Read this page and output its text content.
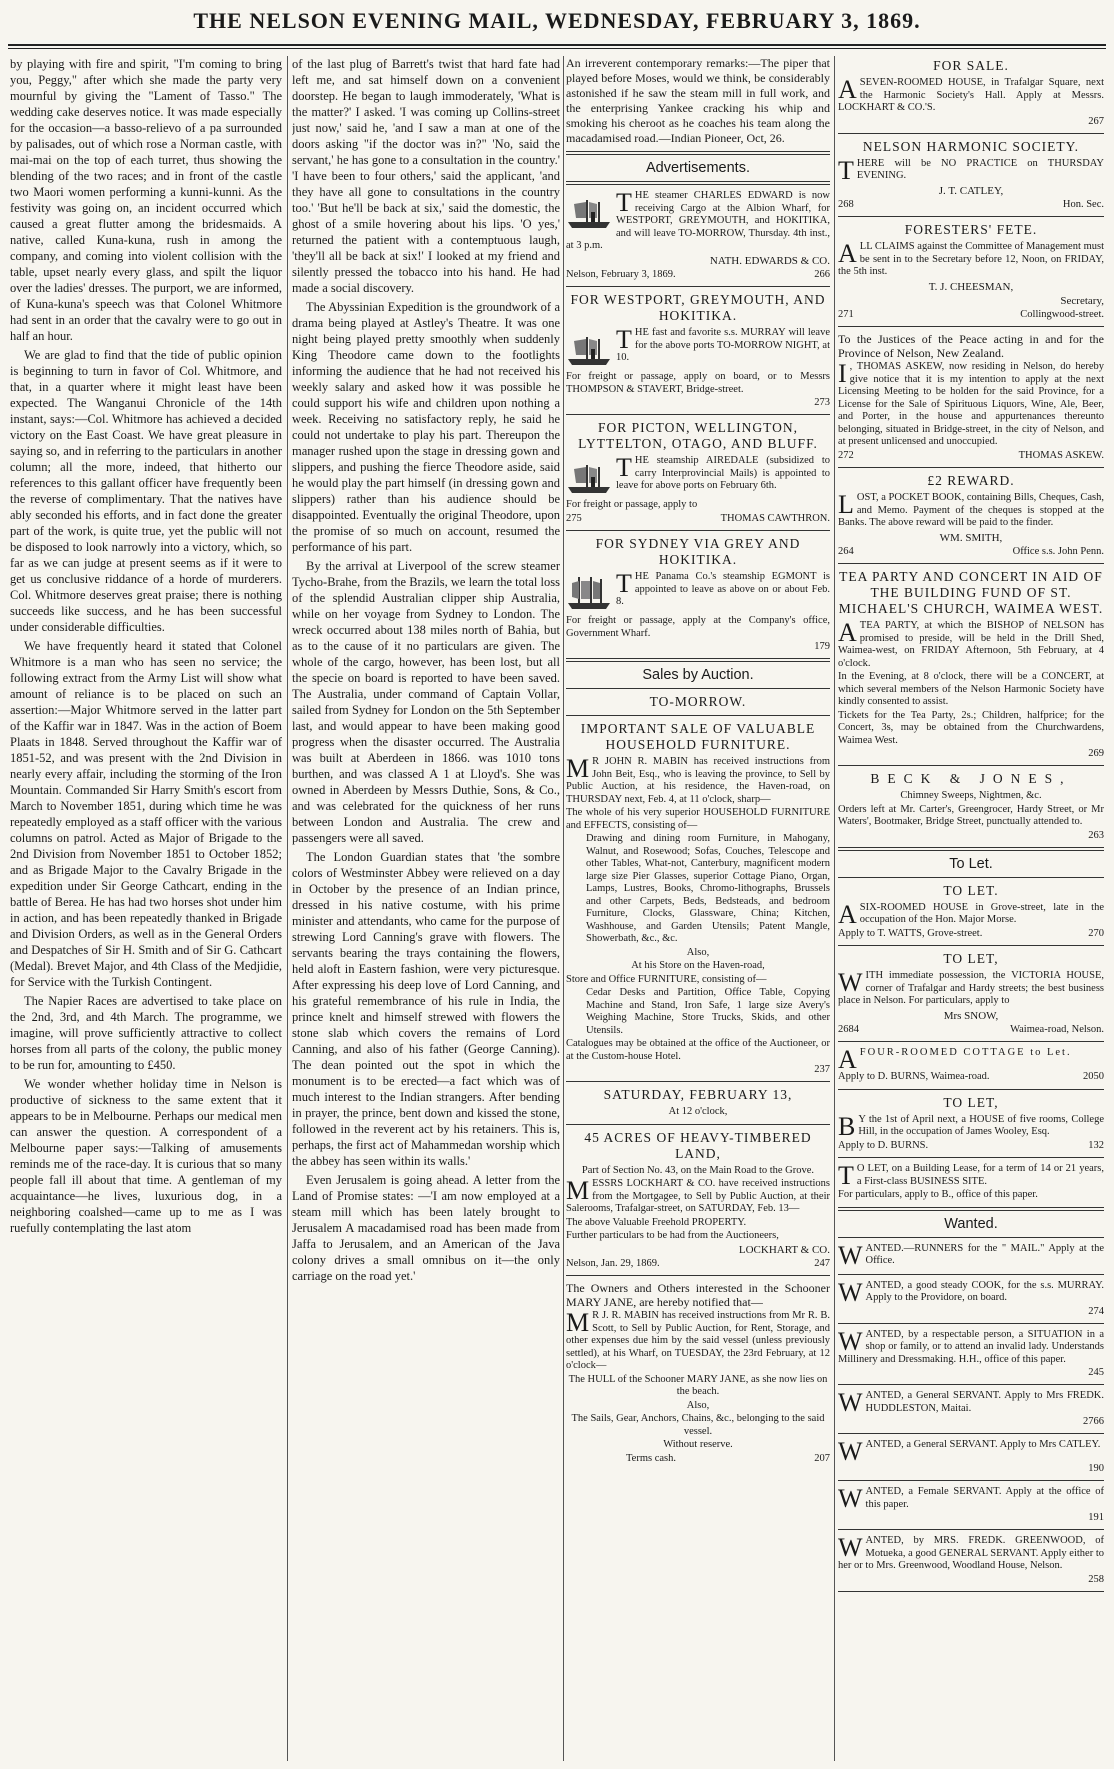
THE NELSON EVENING MAIL, WEDNESDAY, FEBRUARY 3, 1869.

by playing with fire and spirit, "I'm coming to bring you, Peggy," after which she made the party very mournful by giving the "Lament of Tasso." The wedding cake deserves notice. It was made especially for the occasion—a basso-relievo of a pa surrounded by palisades, out of which rose a Norman castle, with mai-mai on the top of each turret, thus showing the blending of the two races; and in front of the castle two Maori women performing a kunni-kunni. As the festivity was going on, an incident occurred which caused a great flutter among the bridesmaids. A native, called Kuna-kuna, rush in among the company, and coming into violent collision with the table, upset nearly every glass, and spilt the liquor over the ladies' dresses. The purport, we are informed, of Kuna-kuna's speech was that Colonel Whitmore had sent in an order that the cavalry were to go out in half an hour.

We are glad to find that the tide of public opinion is beginning to turn in favor of Col. Whitmore, and that, in a quarter where it might least have been expected. The Wanganui Chronicle of the 14th instant, says:—Col. Whitmore has achieved a decided victory on the East Coast. We have great pleasure in saying so, and in referring to the particulars in another column; all the more, indeed, that hitherto our references to this gallant officer have frequently been the reverse of complimentary. That the natives have ably seconded his efforts, and in fact done the greater part of the work, is quite true, yet the public will not be disposed to look narrowly into a victory, which, so far as we can judge at present seems as if it were to get us conclusive riddance of a horde of murderers. Col. Whitmore deserves great praise; there is nothing succeeds like success, and he has been successful under considerable difficulties.

We have frequently heard it stated that Colonel Whitmore is a man who has seen no service; the following extract from the Army List will show what amount of reliance is to be placed on such an assertion:—Major Whitmore served in the latter part of the Kaffir war in 1847. Was in the action of Boem Plaats in 1848. Served throughout the Kaffir war of 1851-52, and was present with the 2nd Division in nearly every affair, including the storming of the Iron Mountain. Commanded Sir Harry Smith's escort from March to November 1851, during which time he was repeatedly employed as a staff officer with the various columns on patrol. Acted as Major of Brigade to the 2nd Division from November 1851 to October 1852; and as Brigade Major to the Cavalry Brigade in the expedition under Sir George Cathcart, ending in the battle of Berea. He has had two horses shot under him in action, and has been repeatedly thanked in Brigade and Division Orders, as well as in the General Orders and Despatches of Sir H. Smith and of Sir G. Cathcart (Medal). Brevet Major, and 4th Class of the Medjidie, for Service with the Turkish Contingent.

The Napier Races are advertised to take place on the 2nd, 3rd, and 4th March. The programme, we imagine, will prove sufficiently attractive to collect horses from all parts of the colony, the public money to be run for, amounting to £450.

We wonder whether holiday time in Nelson is productive of sickness to the same extent that it appears to be in Melbourne. Perhaps our medical men can answer the question. A correspondent of a Melbourne paper says:—Talking of amusements reminds me of the race-day. It is curious that so many people fall ill about that time. A gentleman of my acquaintance—he lives, luxurious dog, in a neighboring coalshed—came up to me as I was ruefully contemplating the last atom

of the last plug of Barrett's twist that hard fate had left me, and sat himself down on a convenient doorstep. He began to laugh immoderately, 'What is the matter?' I asked. 'I was coming up Collins-street just now,' said he, 'and I saw a man at one of the doors asking "if the doctor was in?" 'No, said the servant,' he has gone to a consultation in the country.' 'I have been to four others,' said the applicant, 'and they have all gone to consultations in the country too.' 'But he'll be back at six,' said the domestic, the ghost of a smile hovering about his lips. 'O yes,' returned the patient with a contemptuous laugh, 'they'll all be back at six!' I looked at my friend and silently pressed the tobacco into his hand. He had made a social discovery.

The Abyssinian Expedition is the groundwork of a drama being played at Astley's Theatre. It was one night being played pretty smoothly when suddenly King Theodore came down to the footlights informing the audience that he had not received his weekly salary and asked how it was possible he could support his wife and children upon nothing a week. Receiving no satisfactory reply, he said he could not undertake to play his part. Thereupon the manager rushed upon the stage in dressing gown and slippers, and pushing the fierce Theodore aside, said he would play the part himself (in dressing gown and slippers) rather than his audience should be disappointed. Eventually the original Theodore, upon the promise of so much on account, resumed the performance of his part.

By the arrival at Liverpool of the screw steamer Tycho-Brahe, from the Brazils, we learn the total loss of the splendid Australian clipper ship Australia, while on her voyage from Sydney to London. The wreck occurred about 138 miles north of Bahia, but as to the cause of it no particulars are given. The whole of the cargo, however, has been lost, but all the specie on board is reported to have been saved. The Australia, under command of Captain Vollar, sailed from Sydney for London on the 5th September last, and would appear to have been making good progress when the disaster occurred. The Australia was built at Aberdeen in 1866. was 1010 tons burthen, and was classed A 1 at Lloyd's. She was owned in Aberdeen by Messrs Duthie, Sons, & Co., and was celebrated for the quickness of her runs between London and Australia. The crew and passengers were all saved.

The London Guardian states that 'the sombre colors of Westminster Abbey were relieved on a day in October by the presence of an Indian prince, dressed in his native costume, with his prime minister and attendants, who came for the purpose of strewing Lord Canning's grave with flowers. The servants bearing the trays containing the flowers, held aloft in Eastern fashion, were very picturesque. After expressing his deep love of Lord Canning, and his grateful remembrance of his rule in India, the prince knelt and himself strewed with flowers the stone slab which covers the remains of Lord Canning, and also of his father (George Canning). The dean pointed out the spot in which the monument is to be erected—a fact which was of much interest to the Indian strangers. After bending in prayer, the prince, bent down and kissed the stone, followed in the reverent act by his retainers. This is, perhaps, the first act of Mahammedan worship which the abbey has seen within its walls.'

Even Jerusalem is going ahead. A letter from the Land of Promise states: —'I am now employed at a steam mill which has been lately brought to Jerusalem A macadamised road has been made from Jaffa to Jerusalem, and an American of the Java colony drives a small omnibus on it—the only carriage on the road yet.'

An irreverent contemporary remarks:—The piper that played before Moses, would we think, be considerably astonished if he saw the steam mill in full work, and the enterprising Yankee cracking his whip and smoking his cheroot as he coaches his team along the macadamised road.—Indian Pioneer, Oct, 26.

Advertisements.
T HE steamer CHARLES EDWARD is now receiving Cargo at the Albion Wharf, for WESTPORT, GREYMOUTH, and HOKITIKA, and will leave TO-MORROW, Thursday. 4th inst., at 3 p.m.
NATH. EDWARDS & CO.
Nelson, February 3, 1869.	266
FOR WESTPORT, GREYMOUTH, AND HOKITIKA.
T HE fast and favorite s.s. MURRAY will leave for the above ports TO-MORROW NIGHT, at 10.
For freight or passage, apply on board, or to Messrs THOMPSON & STAVERT, Bridge-street.
273
FOR PICTON, WELLINGTON, LYTTELTON, OTAGO, AND BLUFF.
T HE steamship AIREDALE (subsidized to carry Interprovincial Mails) is appointed to leave for above ports on February 6th.
For freight or passage, apply to
275	THOMAS CAWTHRON.
FOR SYDNEY VIA GREY AND HOKITIKA.
T HE Panama Co.'s steamship EGMONT is appointed to leave as above on or about Feb. 8.
For freight or passage, apply at the Company's office, Government Wharf.
179
Sales by Auction.
TO-MORROW.
IMPORTANT SALE OF VALUABLE HOUSEHOLD FURNITURE.
M R JOHN R. MABIN has received instructions from John Beit, Esq., who is leaving the province, to Sell by Public Auction, at his residence, the Haven-road, on THURSDAY next, Feb. 4, at 11 o'clock, sharp—
The whole of his very superior HOUSEHOLD FURNITURE and EFFECTS, consisting of—
Drawing and dining room Furniture, in Mahogany, Walnut, and Rosewood; Sofas, Couches, Telescope and other Tables, What-not, Canterbury, magnificent modern large size Pier Glasses, superior Cottage Piano, Organ, Lamps, Lustres, Books, Chromo-lithographs, Brussels and other Carpets, Beds, Bedsteads, and bedroom Furniture, Clocks, Glassware, China; Kitchen, Washhouse, and Garden Utensils; Patent Mangle, Showerbath, &c., &c.
Also,
At his Store on the Haven-road,
Store and Office FURNITURE, consisting of—
Cedar Desks and Partition, Office Table, Copying Machine and Stand, Iron Safe, 1 large size Avery's Weighing Machine, Store Trucks, Skids, and other Utensils.
Catalogues may be obtained at the office of the Auctioneer, or at the Custom-house Hotel.
237
SATURDAY, FEBRUARY 13,
At 12 o'clock,
45 ACRES OF HEAVY-TIMBERED LAND,
Part of Section No. 43, on the Main Road to the Grove.
M ESSRS LOCKHART & CO. have received instructions from the Mortgagee, to Sell by Public Auction, at their Salerooms, Trafalgar-street, on SATURDAY, Feb. 13—
The above Valuable Freehold PROPERTY.
Further particulars to be had from the Auctioneers,
LOCKHART & CO.
Nelson, Jan. 29, 1869.	247
The Owners and Others interested in the Schooner MARY JANE, are hereby notified that—
M R J. R. MABIN has received instructions from Mr R. B. Scott, to Sell by Public Auction, for Rent, Storage, and other expenses due him by the said vessel (unless previously settled), at his Wharf, on TUESDAY, the 23rd February, at 12 o'clock—
The HULL of the Schooner MARY JANE, as she now lies on the beach.
Also,
The Sails, Gear, Anchors, Chains, &c., belonging to the said vessel.
Without reserve.
Terms cash.	207
FOR SALE.
A SEVEN-ROOMED HOUSE, in Trafalgar Square, next the Harmonic Society's Hall. Apply at Messrs. LOCKHART & CO.'S.
267
NELSON HARMONIC SOCIETY.
T HERE will be NO PRACTICE on THURSDAY EVENING.
J. T. CATLEY,
268	Hon. Sec.
FORESTERS' FETE.
A LL CLAIMS against the Committee of Management must be sent in to the Secretary before 12, Noon, on FRIDAY, the 5th inst.
T. J. CHEESMAN,
Secretary,
271	Collingwood-street.
To the Justices of the Peace acting in and for the Province of Nelson, New Zealand.
I , THOMAS ASKEW, now residing in Nelson, do hereby give notice that it is my intention to apply at the next Licensing Meeting to be holden for the said Province, for a License for the Sale of Spirituous Liquors, Wine, Ale, Beer, and Porter, in the house and appurtenances thereunto belonging, situated in Bridge-street, in the city of Nelson, and at present unlicensed and unoccupied.
272	THOMAS ASKEW.
£2 REWARD.
L OST, a POCKET BOOK, containing Bills, Cheques, Cash, and Memo. Payment of the cheques is stopped at the Banks. The above reward will be paid to the finder.
WM. SMITH,
264	Office s.s. John Penn.
TEA PARTY AND CONCERT IN AID OF THE BUILDING FUND OF ST. MICHAEL'S CHURCH, WAIMEA WEST.
A TEA PARTY, at which the BISHOP of NELSON has promised to preside, will be held in the Drill Shed, Waimea-west, on FRIDAY Afternoon, 5th February, at 4 o'clock.
In the Evening, at 8 o'clock, there will be a CONCERT, at which several members of the Nelson Harmonic Society have kindly consented to assist.
Tickets for the Tea Party, 2s.; Children, halfprice; for the Concert, 3s, may be obtained from the Churchwardens, Waimea West.
269
BECK & JONES,
Chimney Sweeps, Nightmen, &c.
Orders left at Mr. Carter's, Greengrocer, Hardy Street, or Mr Waters', Bootmaker, Bridge Street, punctually attended to.
263
To Let.
TO LET.
A SIX-ROOMED HOUSE in Grove-street, late in the occupation of the Hon. Major Morse.
Apply to T. WATTS, Grove-street.	270
TO LET,
W ITH immediate possession, the VICTORIA HOUSE, corner of Trafalgar and Hardy streets; the best business place in Nelson. For particulars, apply to
Mrs SNOW,
2684	Waimea-road, Nelson.
A FOUR-ROOMED COTTAGE to Let.
Apply to D. BURNS, Waimea-road.	2050
TO LET,
B Y the 1st of April next, a HOUSE of five rooms, College Hill, in the occupation of James Wooley, Esq.
Apply to D. BURNS.	132
T O LET, on a Building Lease, for a term of 14 or 21 years, a First-class BUSINESS SITE.
For particulars, apply to B., office of this paper.
Wanted.
W ANTED.—RUNNERS for the " MAIL." Apply at the Office.
W ANTED, a good steady COOK, for the s.s. MURRAY. Apply to the Providore, on board.
274
W ANTED, by a respectable person, a SITUATION in a shop or family, or to attend an invalid lady. Understands Millinery and Dressmaking. H.H., office of this paper.
245
W ANTED, a General SERVANT. Apply to Mrs FREDK. HUDDLESTON, Maitai.
2766
W ANTED, a General SERVANT. Apply to Mrs CATLEY.
190
W ANTED, a Female SERVANT. Apply at the office of this paper.
191
W ANTED, by MRS. FREDK. GREENWOOD, of Motueka, a good GENERAL SERVANT. Apply either to her or to Mrs. Greenwood, Woodland House, Nelson.
258
